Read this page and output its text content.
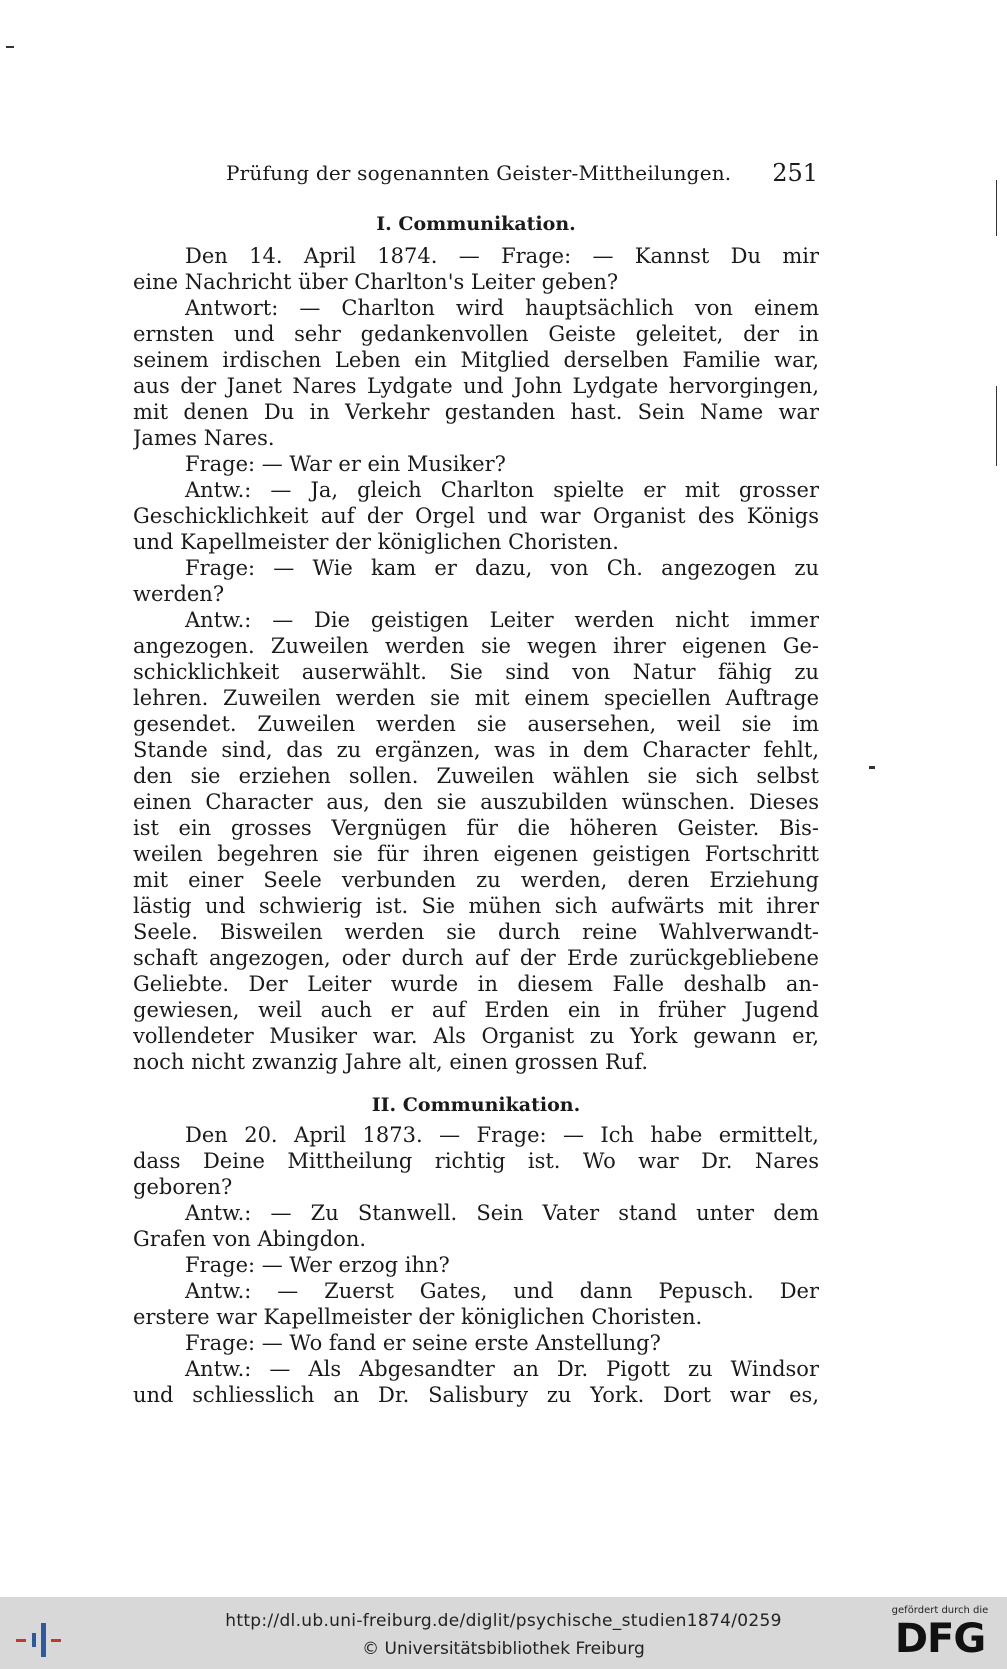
Prüfung der sogenannten Geister-Mittheilungen. 251
I. Communikation.
Den 14. April 1874. — Frage: — Kannst Du mir
eine Nachricht über Charlton's Leiter geben?
Antwort: — Charlton wird hauptsächlich von einem
ernsten und sehr gedankenvollen Geiste geleitet, der in
seinem irdischen Leben ein Mitglied derselben Familie war,
aus der Janet Nares Lydgate und John Lydgate hervorgingen,
mit denen Du in Verkehr gestanden hast. Sein Name war
James Nares.
Frage: — War er ein Musiker?
Antw.: — Ja, gleich Charlton spielte er mit grosser
Geschicklichkeit auf der Orgel und war Organist des Königs
und Kapellmeister der königlichen Choristen.
Frage: — Wie kam er dazu, von Ch. angezogen zu
werden?
Antw.: — Die geistigen Leiter werden nicht immer
angezogen. Zuweilen werden sie wegen ihrer eigenen Ge-
schicklichkeit auserwählt. Sie sind von Natur fähig zu
lehren. Zuweilen werden sie mit einem speciellen Auftrage
gesendet. Zuweilen werden sie ausersehen, weil sie im
Stande sind, das zu ergänzen, was in dem Character fehlt,
den sie erziehen sollen. Zuweilen wählen sie sich selbst
einen Character aus, den sie auszubilden wünschen. Dieses
ist ein grosses Vergnügen für die höheren Geister. Bis-
weilen begehren sie für ihren eigenen geistigen Fortschritt
mit einer Seele verbunden zu werden, deren Erziehung
lästig und schwierig ist. Sie mühen sich aufwärts mit ihrer
Seele. Bisweilen werden sie durch reine Wahlverwandt-
schaft angezogen, oder durch auf der Erde zurückgebliebene
Geliebte. Der Leiter wurde in diesem Falle deshalb an-
gewiesen, weil auch er auf Erden ein in früher Jugend
vollendeter Musiker war. Als Organist zu York gewann er,
noch nicht zwanzig Jahre alt, einen grossen Ruf.
II. Communikation.
Den 20. April 1873. — Frage: — Ich habe ermittelt,
dass Deine Mittheilung richtig ist. Wo war Dr. Nares
geboren?
Antw.: — Zu Stanwell. Sein Vater stand unter dem
Grafen von Abingdon.
Frage: — Wer erzog ihn?
Antw.: — Zuerst Gates, und dann Pepusch. Der
erstere war Kapellmeister der königlichen Choristen.
Frage: — Wo fand er seine erste Anstellung?
Antw.: — Als Abgesandter an Dr. Pigott zu Windsor
und schliesslich an Dr. Salisbury zu York. Dort war es,
http://dl.ub.uni-freiburg.de/diglit/psychische_studien1874/0259
© Universitätsbibliothek Freiburg
gefördert durch die
DFG
